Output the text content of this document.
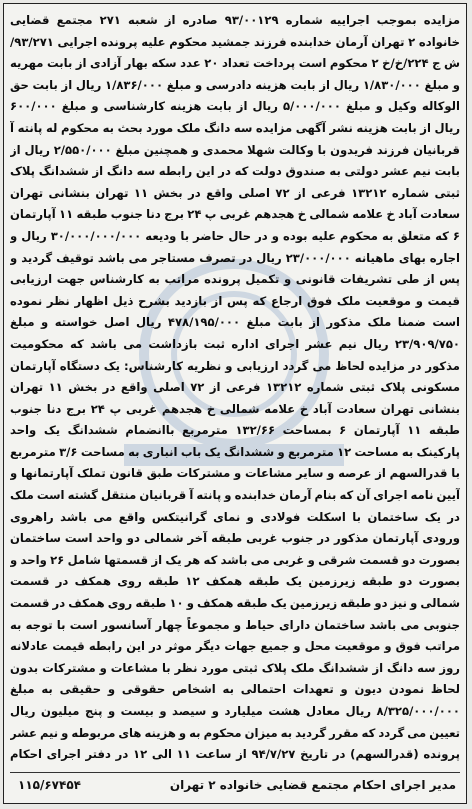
مزایده بموجب اجراییه شماره ۹۳/۰۰۱۲۹ صادره از شعبه ۲۷۱ مجتمع قضایی خانواده ۲ تهران آرمان خدابنده فرزند جمشید محکوم علیه پرونده اجرایی ۹۳/۲۷۱/ش ج ۲۲۴/خ/خ ۲ محکوم است پرداخت تعداد ۲۰ عدد سکه بهار آزادی از بابت مهریه و مبلغ ۱/۸۳۰/۰۰۰ ریال از بابت هزینه دادرسی و مبلغ ۱/۸۳۶/۰۰۰ ریال از بابت حق الوکاله وکیل و مبلغ ۵/۰۰۰/۰۰۰ ریال از بابت هزینه کارشناسی و مبلغ ۶۰۰/۰۰۰ ریال از بابت هزینه نشر آگهی مزایده سه دانگ ملک مورد بحث به محکوم له پانته آ قربانیان فرزند فریدون با وکالت شهلا محمدی و همچنین مبلغ ۲/۵۵۰/۰۰۰ ریال از بابت نیم عشر دولتی به صندوق دولت که در این رابطه سه دانگ از ششدانگ پلاک ثبتی شماره ۱۳۲۱۲ فرعی از ۷۲ اصلی واقع در بخش ۱۱ تهران بنشانی تهران سعادت آباد خ علامه شمالی خ هجدهم غربی پ ۲۴ برج دنا جنوب طبقه ۱۱ آپارتمان ۶ که متعلق به محکوم علیه بوده و در حال حاضر با ودیعه ۳۰/۰۰۰/۰۰۰/۰۰۰ ریال و اجاره بهای ماهیانه ۲۳/۰۰۰/۰۰۰ ریال در تصرف مستاجر می باشد توقیف گردید و پس از طی تشریفات قانونی و تکمیل پرونده مراتب به کارشناس جهت ارزیابی قیمت و موقعیت ملک فوق ارجاع که پس از بازدید بشرح ذیل اظهار نظر نموده است ضمنا ملک مذکور از بابت مبلغ ۴۷۸/۱۹۵/۰۰۰ ریال اصل خواسته و مبلغ ۲۳/۹۰۹/۷۵۰ ریال نیم عشر اجرای اداره ثبت بازداشت می باشد که محکومیت مذکور در مزایده لحاظ می گردد ارزیابی و نظریه کارشناس: یک دستگاه آپارتمان مسکونی پلاک ثبتی شماره ۱۳۲۱۲ فرعی از ۷۲ اصلی واقع در بخش ۱۱ تهران بنشانی تهران سعادت آباد خ علامه شمالی خ هجدهم غربی پ ۲۴ برج دنا جنوب طبقه ۱۱ آپارتمان ۶ بمساحت ۱۳۲/۶۶ مترمربع باانضمام ششدانگ یک واحد پارکینک به مساحت ۱۲ مترمربع و ششدانگ یک باب انباری به مساحت ۳/۶ مترمربع با قدرالسهم از عرصه و سایر مشاعات و مشترکات طبق قانون تملک آپارتمانها و آیین نامه اجرای آن که بنام آرمان خدابنده و پانته آ قربانیان منتقل گشته است ملک در یک ساختمان با اسکلت فولادی و نمای گرانیتکس واقع می باشد راهروی ورودی آپارتمان مذکور در جنوب غربی طبقه آخر شمالی دو واحد است ساختمان بصورت دو قسمت شرقی و غربی می باشد که هر یک از قسمتها شامل ۲۶ واحد و بصورت دو طبقه زیرزمین یک طبقه همکف ۱۲ طبقه روی همکف در قسمت شمالی و نیز دو طبقه زیرزمین یک طبقه همکف و ۱۰ طبقه روی همکف در قسمت جنوبی می باشد ساختمان دارای حیاط و مجموعاً چهار آسانسور است با توجه به مراتب فوق و موقعیت محل و جمیع جهات دیگر موثر در این رابطه قیمت عادلانه روز سه دانگ از ششدانگ ملک پلاک ثبتی مورد نظر با مشاعات و مشترکات بدون لحاظ نمودن دیون و تعهدات احتمالی به اشخاص حقوقی و حقیقی به مبلغ ۸/۳۲۵/۰۰۰/۰۰۰ ریال معادل هشت میلیارد و سیصد و بیست و پنج میلیون ریال تعیین می گردد که مقرر گردید به میزان محکوم به و هزینه های مربوطه و نیم عشر پرونده (قدرالسهم) در تاریخ ۹۴/۷/۲۷ از ساعت ۱۱ الی ۱۲ در دفتر اجرای احکام
مدیر اجرای احکام مجتمع قضایی خانواده ۲ تهران
۱۱۵/۶۷۴۵۴
